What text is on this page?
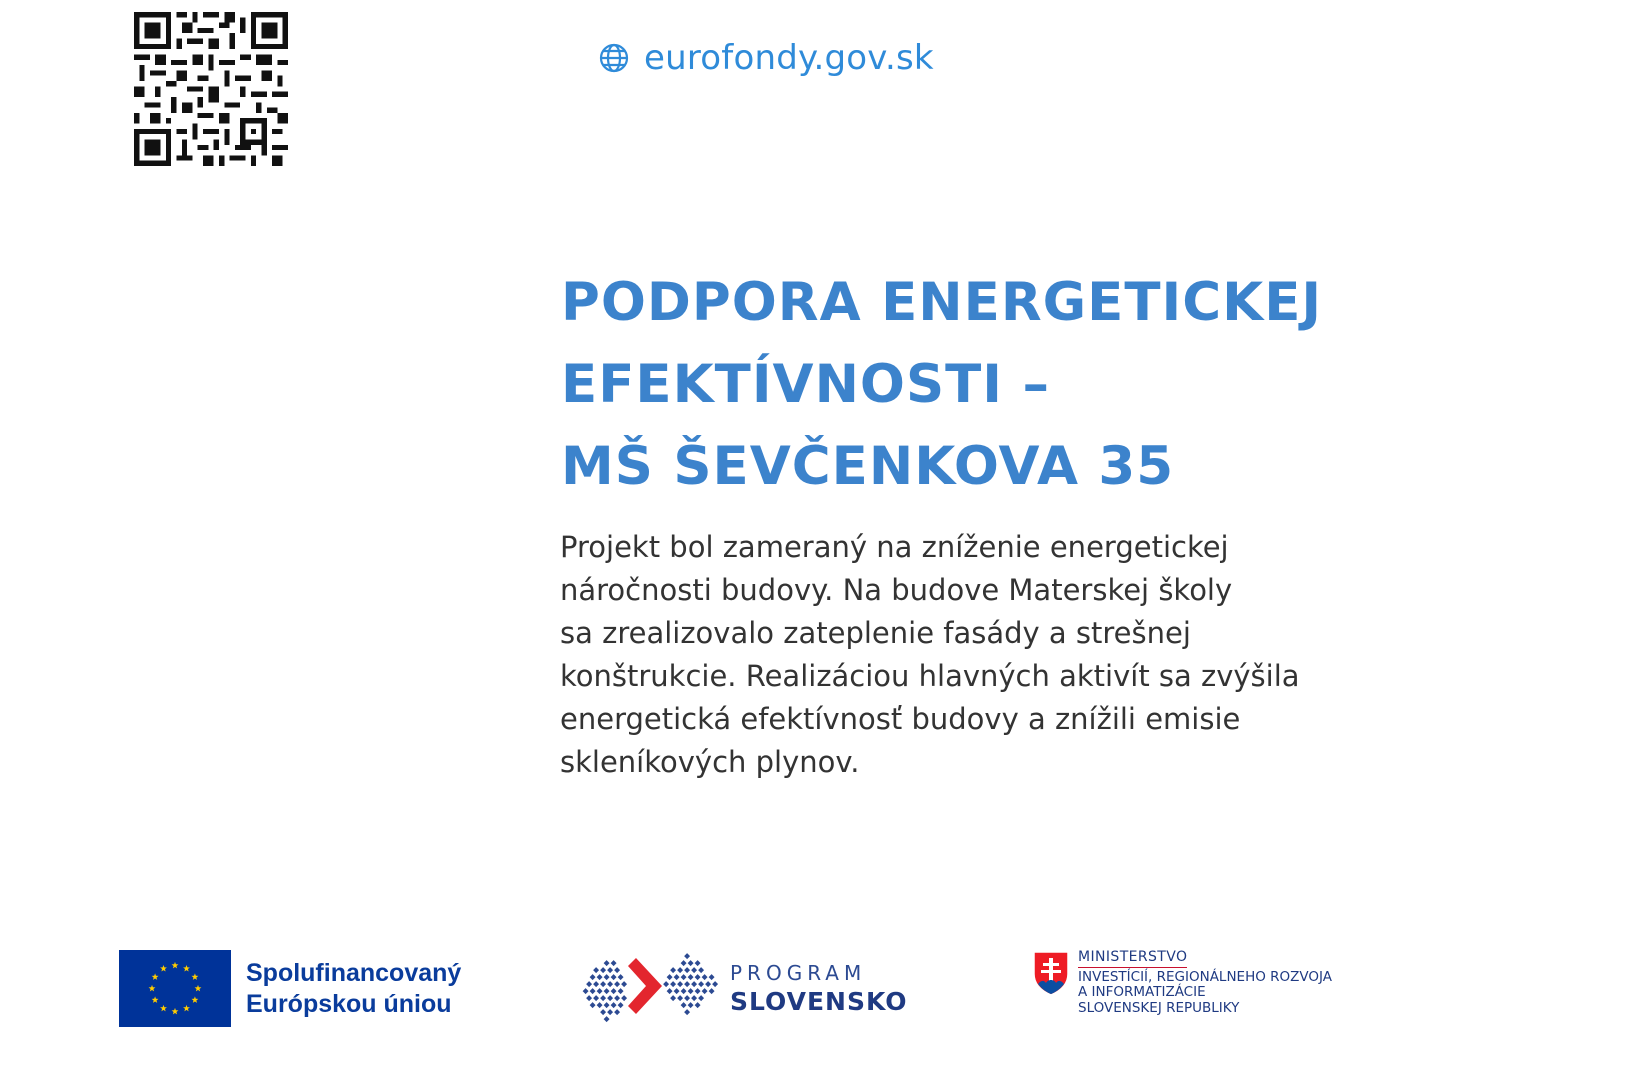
eurofondy.gov.sk
PODPORA ENERGETICKEJ
EFEKTÍVNOSTI –
MŠ ŠEVČENKOVA 35

Projekt bol zameraný na zníženie energetickej
náročnosti budovy. Na budove Materskej školy
sa zrealizovalo zateplenie fasády a strešnej
konštrukcie. Realizáciou hlavných aktivít sa zvýšila
energetická efektívnosť budovy a znížili emisie
skleníkových plynov.

Spolufinancovaný
Európskou úniou
PROGRAM
SLOVENSKO
MINISTERSTVO
INVESTÍCIÍ, REGIONÁLNEHO ROZVOJA
A INFORMATIZÁCIE
SLOVENSKEJ REPUBLIKY
